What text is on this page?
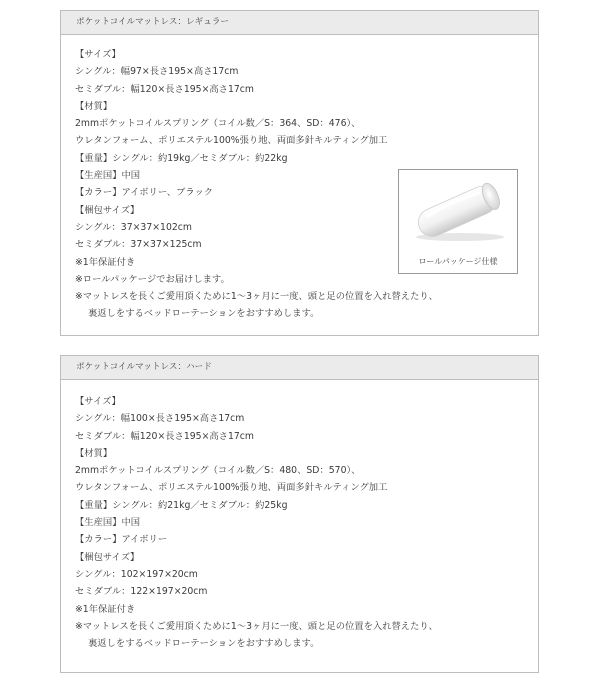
ポケットコイルマットレス：レギュラー
【サイズ】
シングル：幅97×長さ195×高さ17cm
セミダブル：幅120×長さ195×高さ17cm
【材質】
2mmポケットコイルスプリング（コイル数／S：364、SD：476）、
ウレタンフォーム、ポリエステル100%張り地、両面多針キルティング加工
【重量】シングル：約19kg／セミダブル：約22kg
【生産国】中国
【カラー】アイボリー、ブラック
【梱包サイズ】
シングル：37×37×102cm
セミダブル：37×37×125cm
※1年保証付き
※ロールパッケージでお届けします。
※マットレスを長くご愛用頂くために1～3ヶ月に一度、頭と足の位置を入れ替えたり、
裏返しをするベッドローテーションをおすすめします。
ロールパッケージ仕様
ポケットコイルマットレス：ハード
【サイズ】
シングル：幅100×長さ195×高さ17cm
セミダブル：幅120×長さ195×高さ17cm
【材質】
2mmポケットコイルスプリング（コイル数／S：480、SD：570）、
ウレタンフォーム、ポリエステル100%張り地、両面多針キルティング加工
【重量】シングル：約21kg／セミダブル：約25kg
【生産国】中国
【カラー】アイボリー
【梱包サイズ】
シングル：102×197×20cm
セミダブル：122×197×20cm
※1年保証付き
※マットレスを長くご愛用頂くために1～3ヶ月に一度、頭と足の位置を入れ替えたり、
裏返しをするベッドローテーションをおすすめします。
